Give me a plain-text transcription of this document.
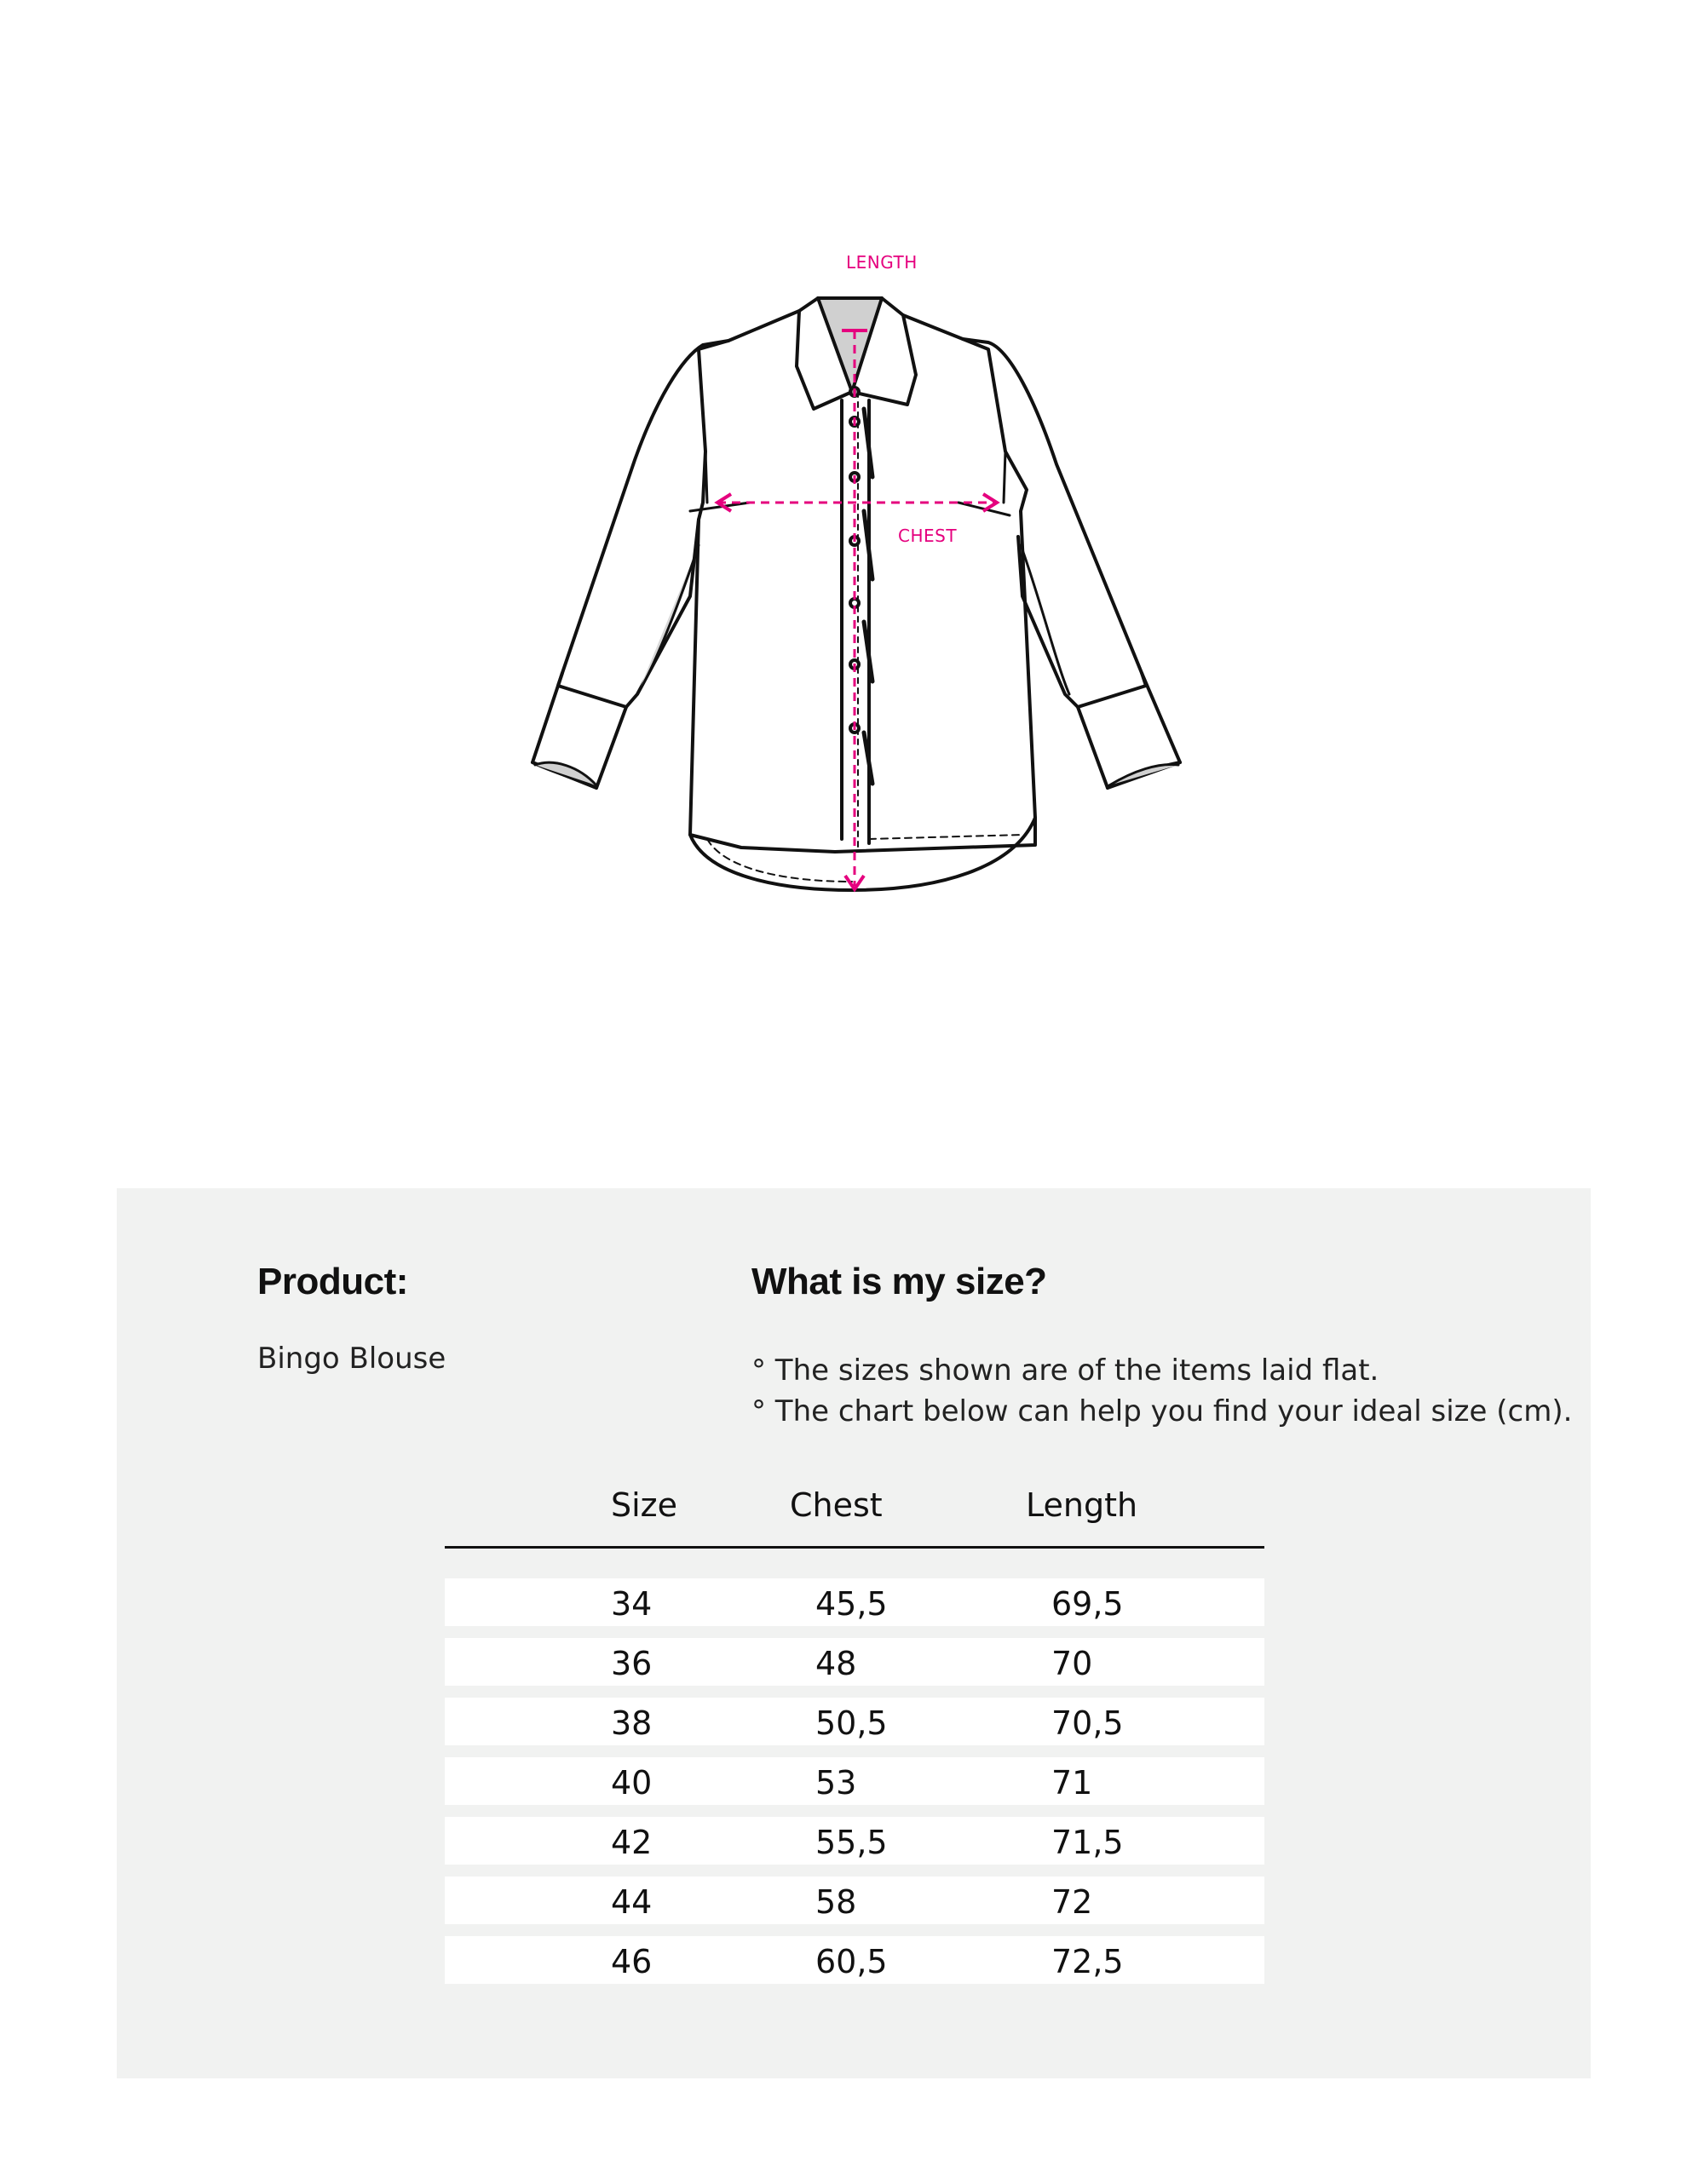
LENGTH
CHEST
Product:
Bingo Blouse
What is my size?
° The sizes shown are of the items laid flat.
° The chart below can help you find your ideal size (cm).
Size	Chest	Length
34	45,5	69,5
36	48	70
38	50,5	70,5
40	53	71
42	55,5	71,5
44	58	72
46	60,5	72,5
